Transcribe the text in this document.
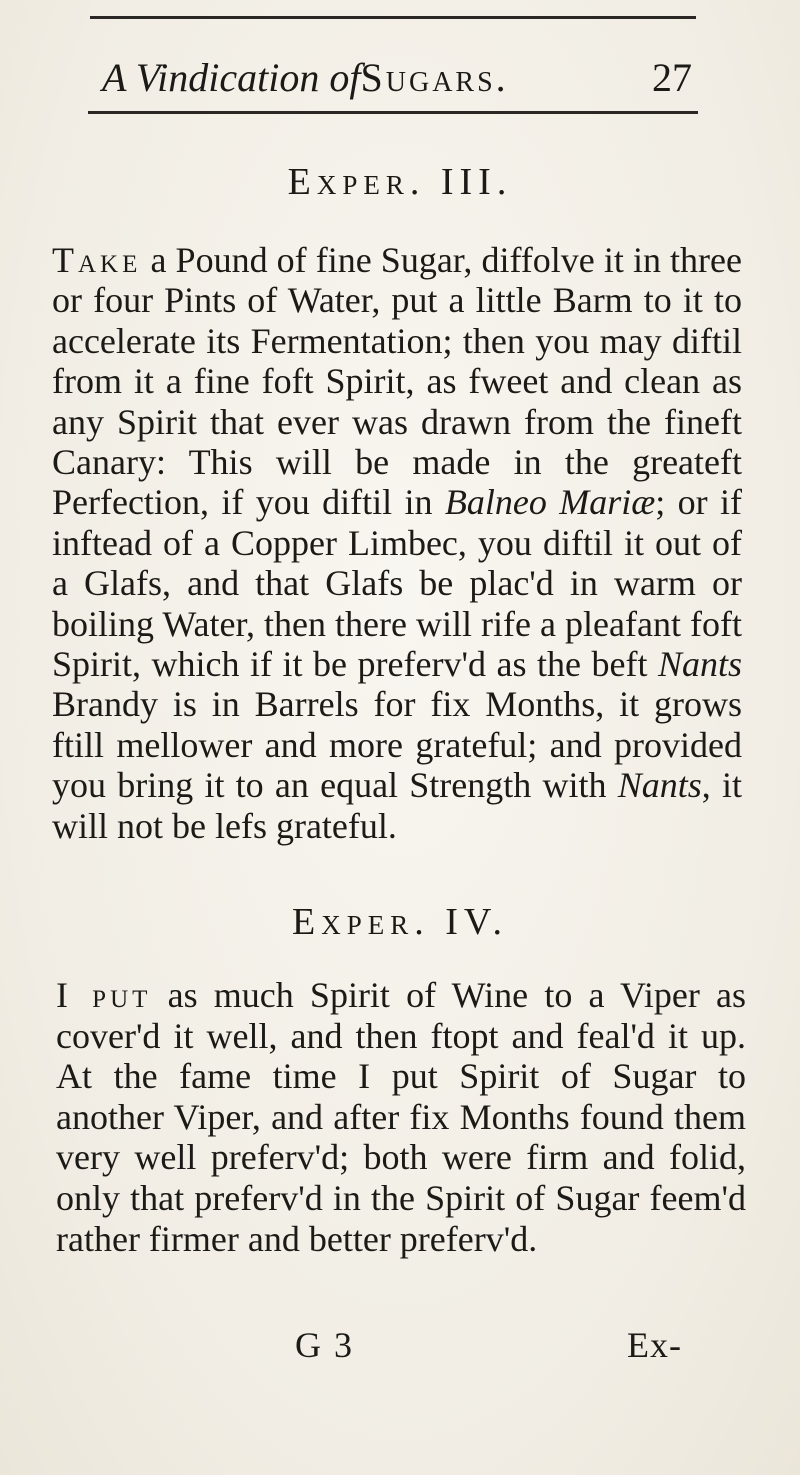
A Vindication ofSugars.	27
Exper. III.
Take a Pound of fine Sugar, diffolve it in three or four Pints of Water, put a little Barm to it to accelerate its Fermentation; then you may diftil from it a fine foft Spirit, as fweet and clean as any Spirit that ever was drawn from the fineft Canary: This will be made in the greateft Perfection, if you diftil in Balneo Mariæ; or if inftead of a Copper Limbec, you diftil it out of a Glafs, and that Glafs be plac'd in warm or boiling Water, then there will rife a pleafant foft Spirit, which if it be preferv'd as the beft Nants Brandy is in Barrels for fix Months, it grows ftill mellower and more grateful; and provided you bring it to an equal Strength with Nants, it will not be lefs grateful.
Exper. IV.
I put as much Spirit of Wine to a Viper as cover'd it well, and then ftopt and feal'd it up. At the fame time I put Spirit of Sugar to another Viper, and after fix Months found them very well preferv'd; both were firm and folid, only that preferv'd in the Spirit of Sugar feem'd rather firmer and better preferv'd.
G 3	Ex-
